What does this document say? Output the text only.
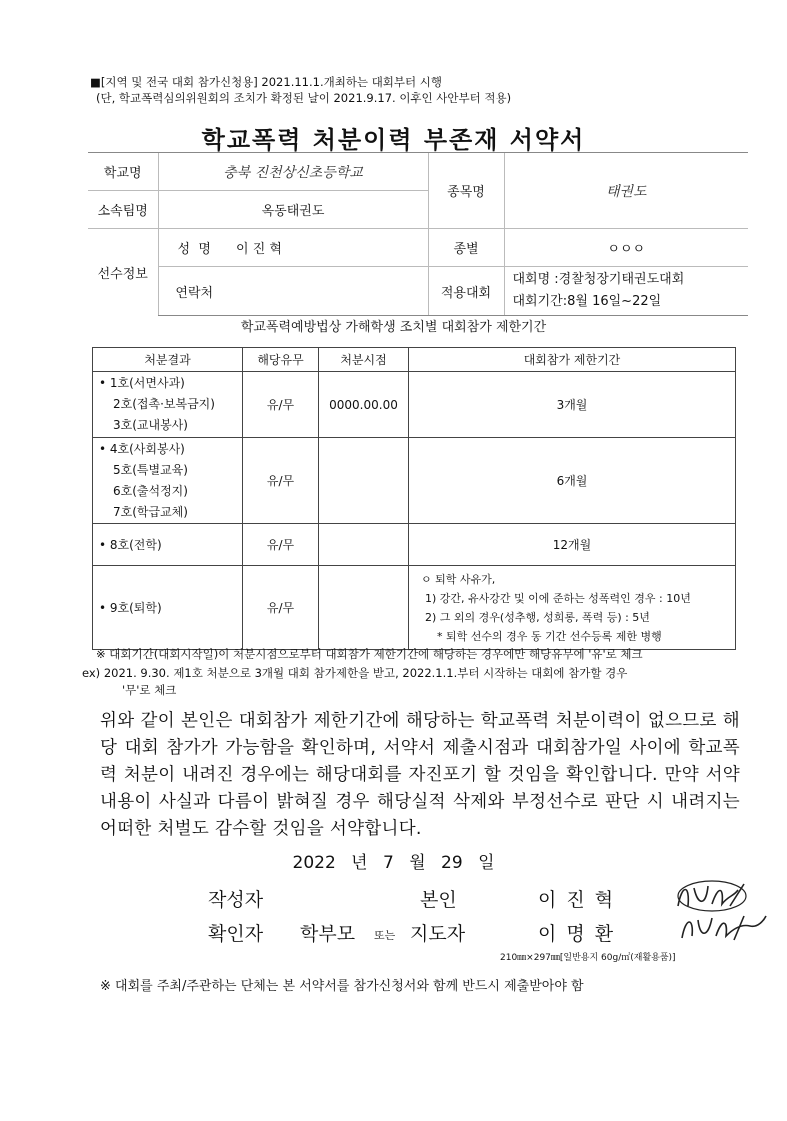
■[지역 및 전국 대회 참가신청용] 2021.11.1.개최하는 대회부터 시행
(단, 학교폭력심의위원회의 조치가 확정된 날이 2021.9.17. 이후인 사안부터 적용)
학교폭력 처분이력 부존재 서약서
학교명	충북 진천상신초등학교		종목명	태권도
소속팀명	옥동태권도			
선수정보	성  명	이 진 혁	종별	ㅇㅇㅇ
	연락처		적용대회	대회명 :경찰청장기태권도대회
대회기간:8월 16일~22일
학교폭력예방법상 가해학생 조치별 대회참가 제한기간
처분결과	해당유무	처분시점	대회참가 제한기간

• 1호(서면사과)
2호(접촉·보복금지)
3호(교내봉사)	유/무	0000.00.00	3개월

• 4호(사회봉사)
5호(특별교육)
6호(출석정지)
7호(학급교체)	유/무		6개월
• 8호(전학)	유/무		12개월
• 9호(퇴학)	유/무		ㅇ 퇴학 사유가,
1) 강간, 유사강간 및 이에 준하는 성폭력인 경우 : 10년
2) 그 외의 경우(성추행, 성희롱, 폭력 등) : 5년
* 퇴학 선수의 경우 동 기간 선수등록 제한 병행
※ 대회기간(대회시작일)이 처분시점으로부터 대회참가 제한기간에 해당하는 경우에만 해당유무에 '유'로 체크
ex) 2021. 9.30. 제1호 처분으로 3개월 대회 참가제한을 받고, 2022.1.1.부터 시작하는 대회에 참가할 경우
'무'로 체크
위와 같이 본인은 대회참가 제한기간에 해당하는 학교폭력 처분이력이 없으므로 해당 대회 참가가 가능함을 확인하며, 서약서 제출시점과 대회참가일 사이에 학교폭력 처분이 내려진 경우에는 해당대회를 자진포기 할 것임을 확인합니다. 만약 서약내용이 사실과 다름이 밝혀질 경우 해당실적 삭제와 부정선수로 판단 시 내려지는 어떠한 처벌도 감수할 것임을 서약합니다.
2022 년 7 월 29 일
작성자	본인	이 진 혁
확인자 학부모 또는 지도자	이 명 환
210㎜×297㎜[일반용지 60g/㎡(재활용품)]
※ 대회를 주최/주관하는 단체는 본 서약서를 참가신청서와 함께 반드시 제출받아야 함
